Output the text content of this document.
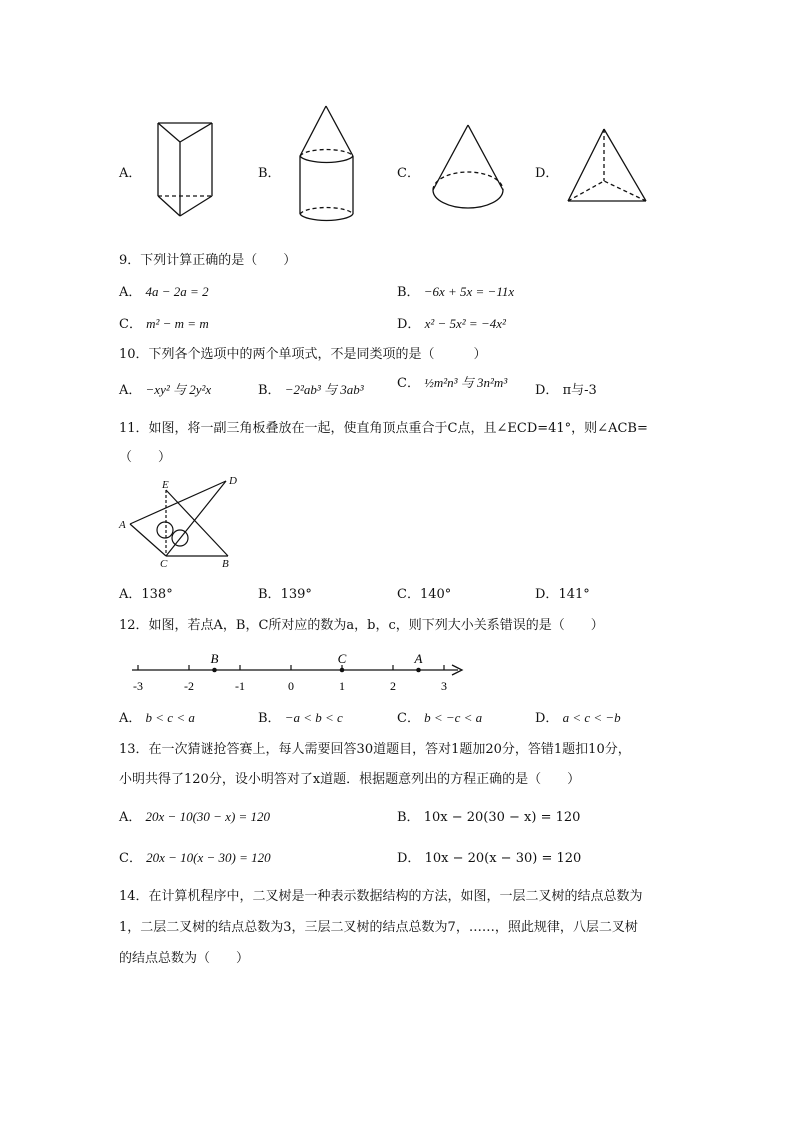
A．	B．	C．	D．
9．下列计算正确的是（　　）
A． 4a − 2a = 2	B． −6x + 5x = −11x
C． m² − m = m	D． x² − 5x² = −4x²
10．下列各个选项中的两个单项式，不是同类项的是（　　　）
A． −xy² 与 2y²x	B． −2²ab³ 与 3ab³	C． ½m²n³ 与 3n²m³
D． π与-3
11．如图，将一副三角板叠放在一起，使直角顶点重合于C点，且∠ECD=41°，则∠ACB=
（　　）
A
B
C
D
E
A．138°	B．139°	C．140°	D．141°
12．如图，若点A，B，C所对应的数为a，b，c，则下列大小关系错误的是（　　）
-3	-2	-1	0	1	2	3
B	C	A
A． b < c < a	B． −a < b < c	C． b < −c < a	D． a < c < −b
13．在一次猜谜抢答赛上，每人需要回答30道题目，答对1题加20分，答错1题扣10分，
小明共得了120分，设小明答对了x道题．根据题意列出的方程正确的是（　　）
A． 20x − 10(30 − x) = 120	B． 10x − 20(30 − x) = 120
C． 20x − 10(x − 30) = 120	D． 10x − 20(x − 30) = 120
14．在计算机程序中，二叉树是一种表示数据结构的方法，如图，一层二叉树的结点总数为
1，二层二叉树的结点总数为3，三层二叉树的结点总数为7，……，照此规律，八层二叉树
的结点总数为（　　）
